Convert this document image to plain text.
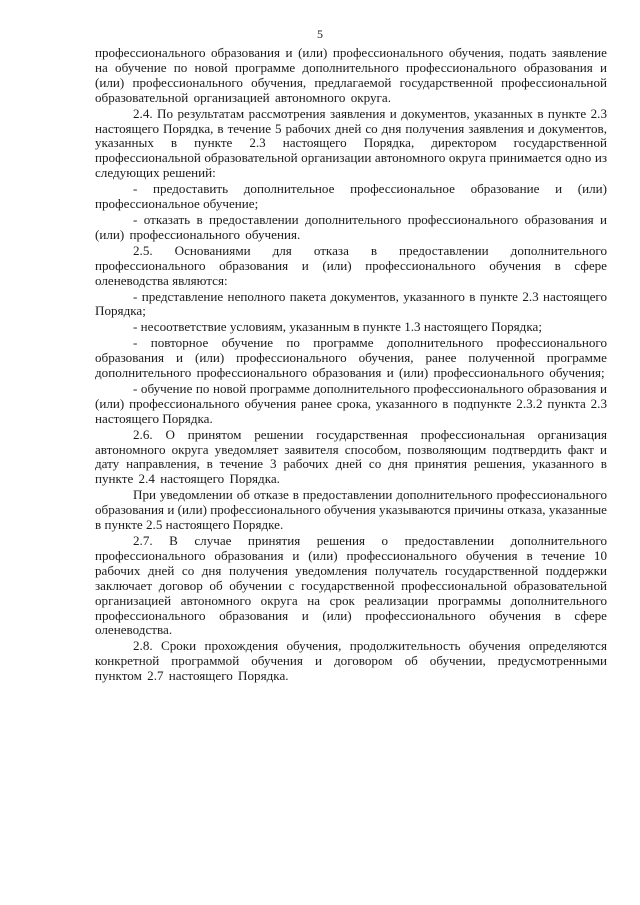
5

профессионального образования и (или) профессионального обучения, подать заявление на обучение по новой программе дополнительного профессионального образования и (или) профессионального обучения, предлагаемой государственной профессиональной образовательной организацией автономного округа.

2.4. По результатам рассмотрения заявления и документов, указанных в пункте 2.3 настоящего Порядка, в течение 5 рабочих дней со дня получения заявления и документов, указанных в пункте 2.3 настоящего Порядка, директором государственной профессиональной образовательной организации автономного округа принимается одно из следующих решений:

- предоставить дополнительное профессиональное образование и (или) профессиональное обучение;

- отказать в предоставлении дополнительного профессионального образования и (или) профессионального обучения.

2.5. Основаниями для отказа в предоставлении дополнительного профессионального образования и (или) профессионального обучения в сфере оленеводства являются:

- представление неполного пакета документов, указанного в пункте 2.3 настоящего Порядка;

- несоответствие условиям, указанным в пункте 1.3 настоящего Порядка;

- повторное обучение по программе дополнительного профессионального образования и (или) профессионального обучения, ранее полученной программе дополнительного профессионального образования и (или) профессионального обучения;

- обучение по новой программе дополнительного профессионального образования и (или) профессионального обучения ранее срока, указанного в подпункте 2.3.2 пункта 2.3 настоящего Порядка.

2.6. О принятом решении государственная профессиональная организация автономного округа уведомляет заявителя способом, позволяющим подтвердить факт и дату направления, в течение 3 рабочих дней со дня принятия решения, указанного в пункте 2.4 настоящего Порядка.

При уведомлении об отказе в предоставлении дополнительного профессионального образования и (или) профессионального обучения указываются причины отказа, указанные в пункте 2.5 настоящего Порядке.

2.7. В случае принятия решения о предоставлении дополнительного профессионального образования и (или) профессионального обучения в течение 10 рабочих дней со дня получения уведомления получатель государственной поддержки заключает договор об обучении с государственной профессиональной образовательной организацией автономного округа на срок реализации программы дополнительного профессионального образования и (или) профессионального обучения в сфере оленеводства.

2.8. Сроки прохождения обучения, продолжительность обучения определяются конкретной программой обучения и договором об обучении, предусмотренными пунктом 2.7 настоящего Порядка.
